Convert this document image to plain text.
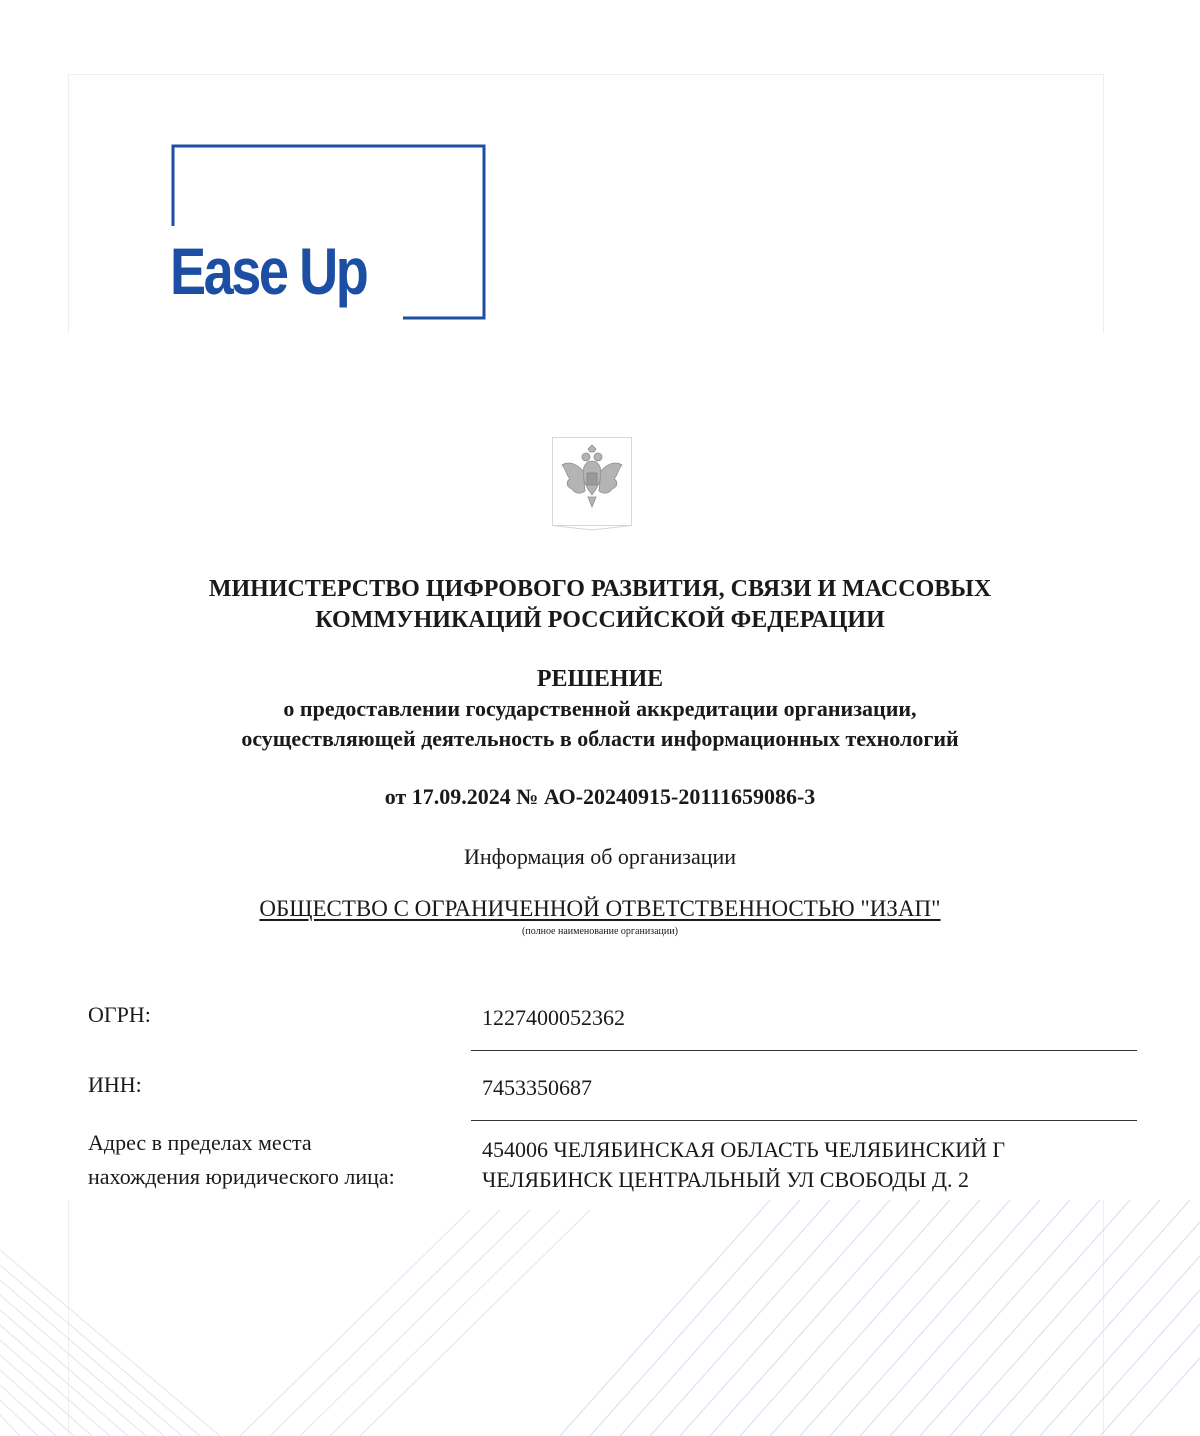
Ease Up
МИНИСТЕРСТВО ЦИФРОВОГО РАЗВИТИЯ, СВЯЗИ И МАССОВЫХ
КОММУНИКАЦИЙ РОССИЙСКОЙ ФЕДЕРАЦИИ
РЕШЕНИЕ
о предоставлении государственной аккредитации организации,
осуществляющей деятельность в области информационных технологий
от 17.09.2024 № АО-20240915-20111659086-3
Информация об организации
ОБЩЕСТВО С ОГРАНИЧЕННОЙ ОТВЕТСТВЕННОСТЬЮ "ИЗАП"
(полное наименование организации)
ОГРН:	1227400052362
ИНН:	7453350687
Адрес в пределах места
нахождения юридического лица:
454006 ЧЕЛЯБИНСКАЯ ОБЛАСТЬ ЧЕЛЯБИНСКИЙ Г
ЧЕЛЯБИНСК ЦЕНТРАЛЬНЫЙ УЛ СВОБОДЫ Д. 2
